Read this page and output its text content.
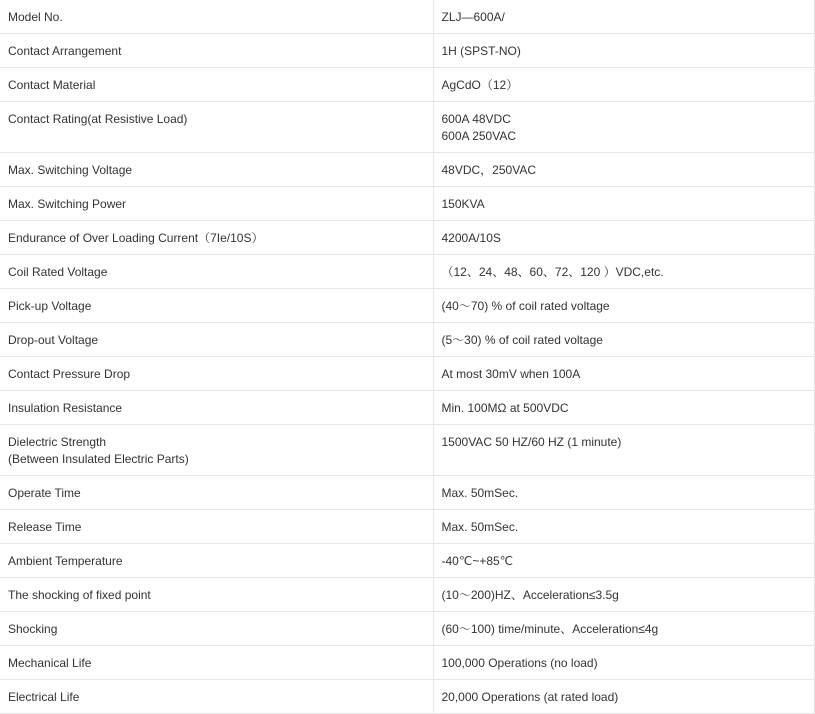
Model No.	ZLJ—600A/

Contact Arrangement	1H (SPST-NO)

Contact Material	AgCdO（12）

Contact Rating(at Resistive Load)	600A 48VDC
600A 250VAC

Max. Switching Voltage	48VDC，250VAC

Max. Switching Power	150KVA

Endurance of Over Loading Current（7Ie/10S）	4200A/10S

Coil Rated Voltage	（12、24、48、60、72、120 ）VDC,etc.

Pick-up Voltage	(40～70) % of coil rated voltage

Drop-out Voltage	(5～30) % of coil rated voltage

Contact Pressure Drop	At most 30mV when 100A

Insulation Resistance	Min. 100MΩ at 500VDC

Dielectric Strength
(Between Insulated Electric Parts)	1500VAC 50 HZ/60 HZ (1 minute)

Operate Time	Max. 50mSec.

Release Time	Max. 50mSec.

Ambient Temperature	-40℃~+85℃

The shocking of fixed point	(10～200)HZ、Acceleration≤3.5g

Shocking	(60～100) time/minute、Acceleration≤4g

Mechanical Life	100,000 Operations (no load)

Electrical Life	20,000 Operations (at rated load)
